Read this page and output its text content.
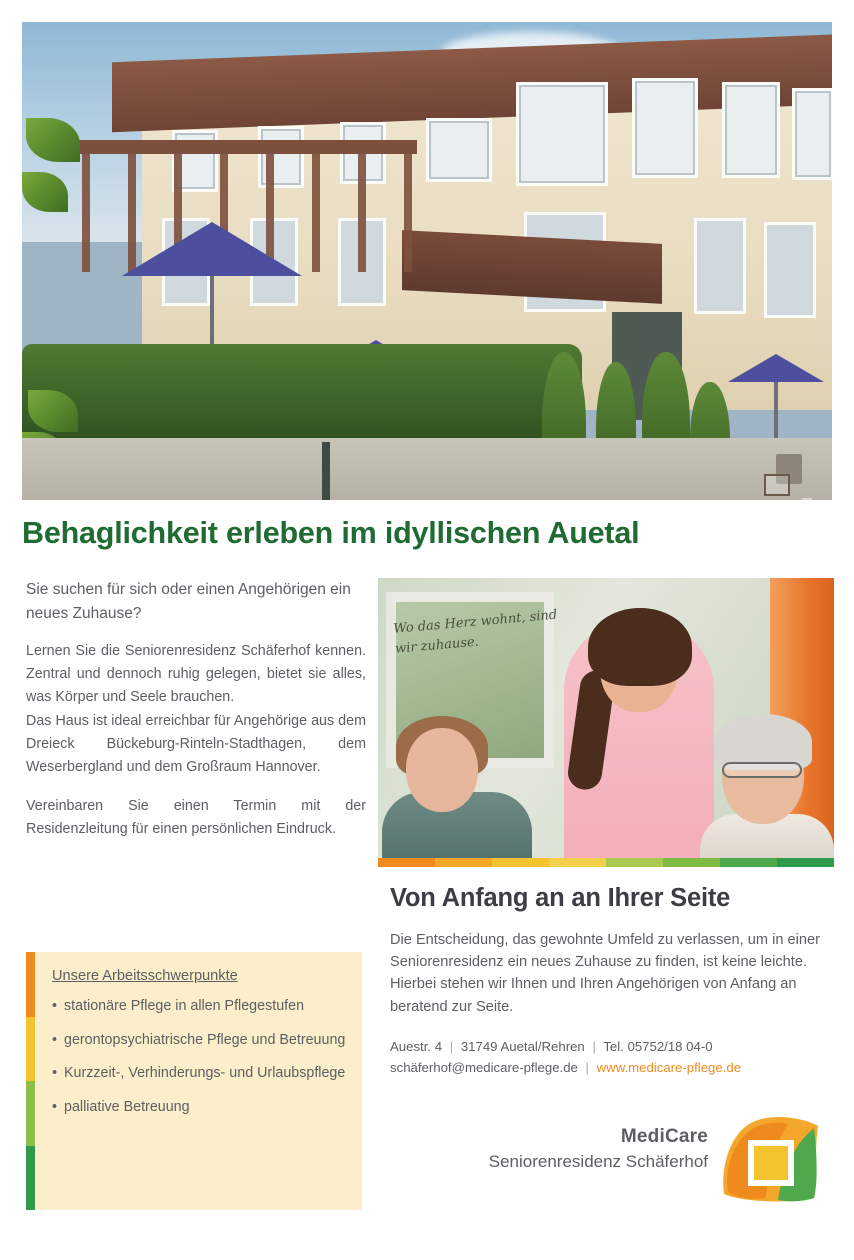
Behaglichkeit erleben im idyllischen Auetal
Sie suchen für sich oder einen Angehörigen ein neues Zuhause?

Lernen Sie die Seniorenresidenz Schäferhof kennen. Zentral und dennoch ruhig gelegen, bietet sie alles, was Körper und Seele brauchen.

Das Haus ist ideal erreichbar für Angehörige aus dem Dreieck Bückeburg-Rinteln-Stadthagen, dem Weserbergland und dem Großraum Hannover.

Vereinbaren Sie einen Termin mit der Residenzleitung für einen persönlichen Eindruck.

Unsere Arbeitsschwerpunkte
• stationäre Pflege in allen Pflegestufen
• gerontopsychiatrische Pflege und Betreuung
• Kurzzeit-, Verhinderungs- und Urlaubspflege
• palliative Betreuung
Wo das Herz wohnt, sind wir zuhause.
Von Anfang an an Ihrer Seite
Die Entscheidung, das gewohnte Umfeld zu verlassen, um in einer Seniorenresidenz ein neues Zuhause zu finden, ist keine leichte. Hierbei stehen wir Ihnen und Ihren Angehörigen von Anfang an beratend zur Seite.
Auestr. 4 | 31749 Auetal/Rehren | Tel. 05752/18 04-0
schäferhof@medicare-pflege.de | www.medicare-pflege.de
MediCare
Seniorenresidenz Schäferhof
